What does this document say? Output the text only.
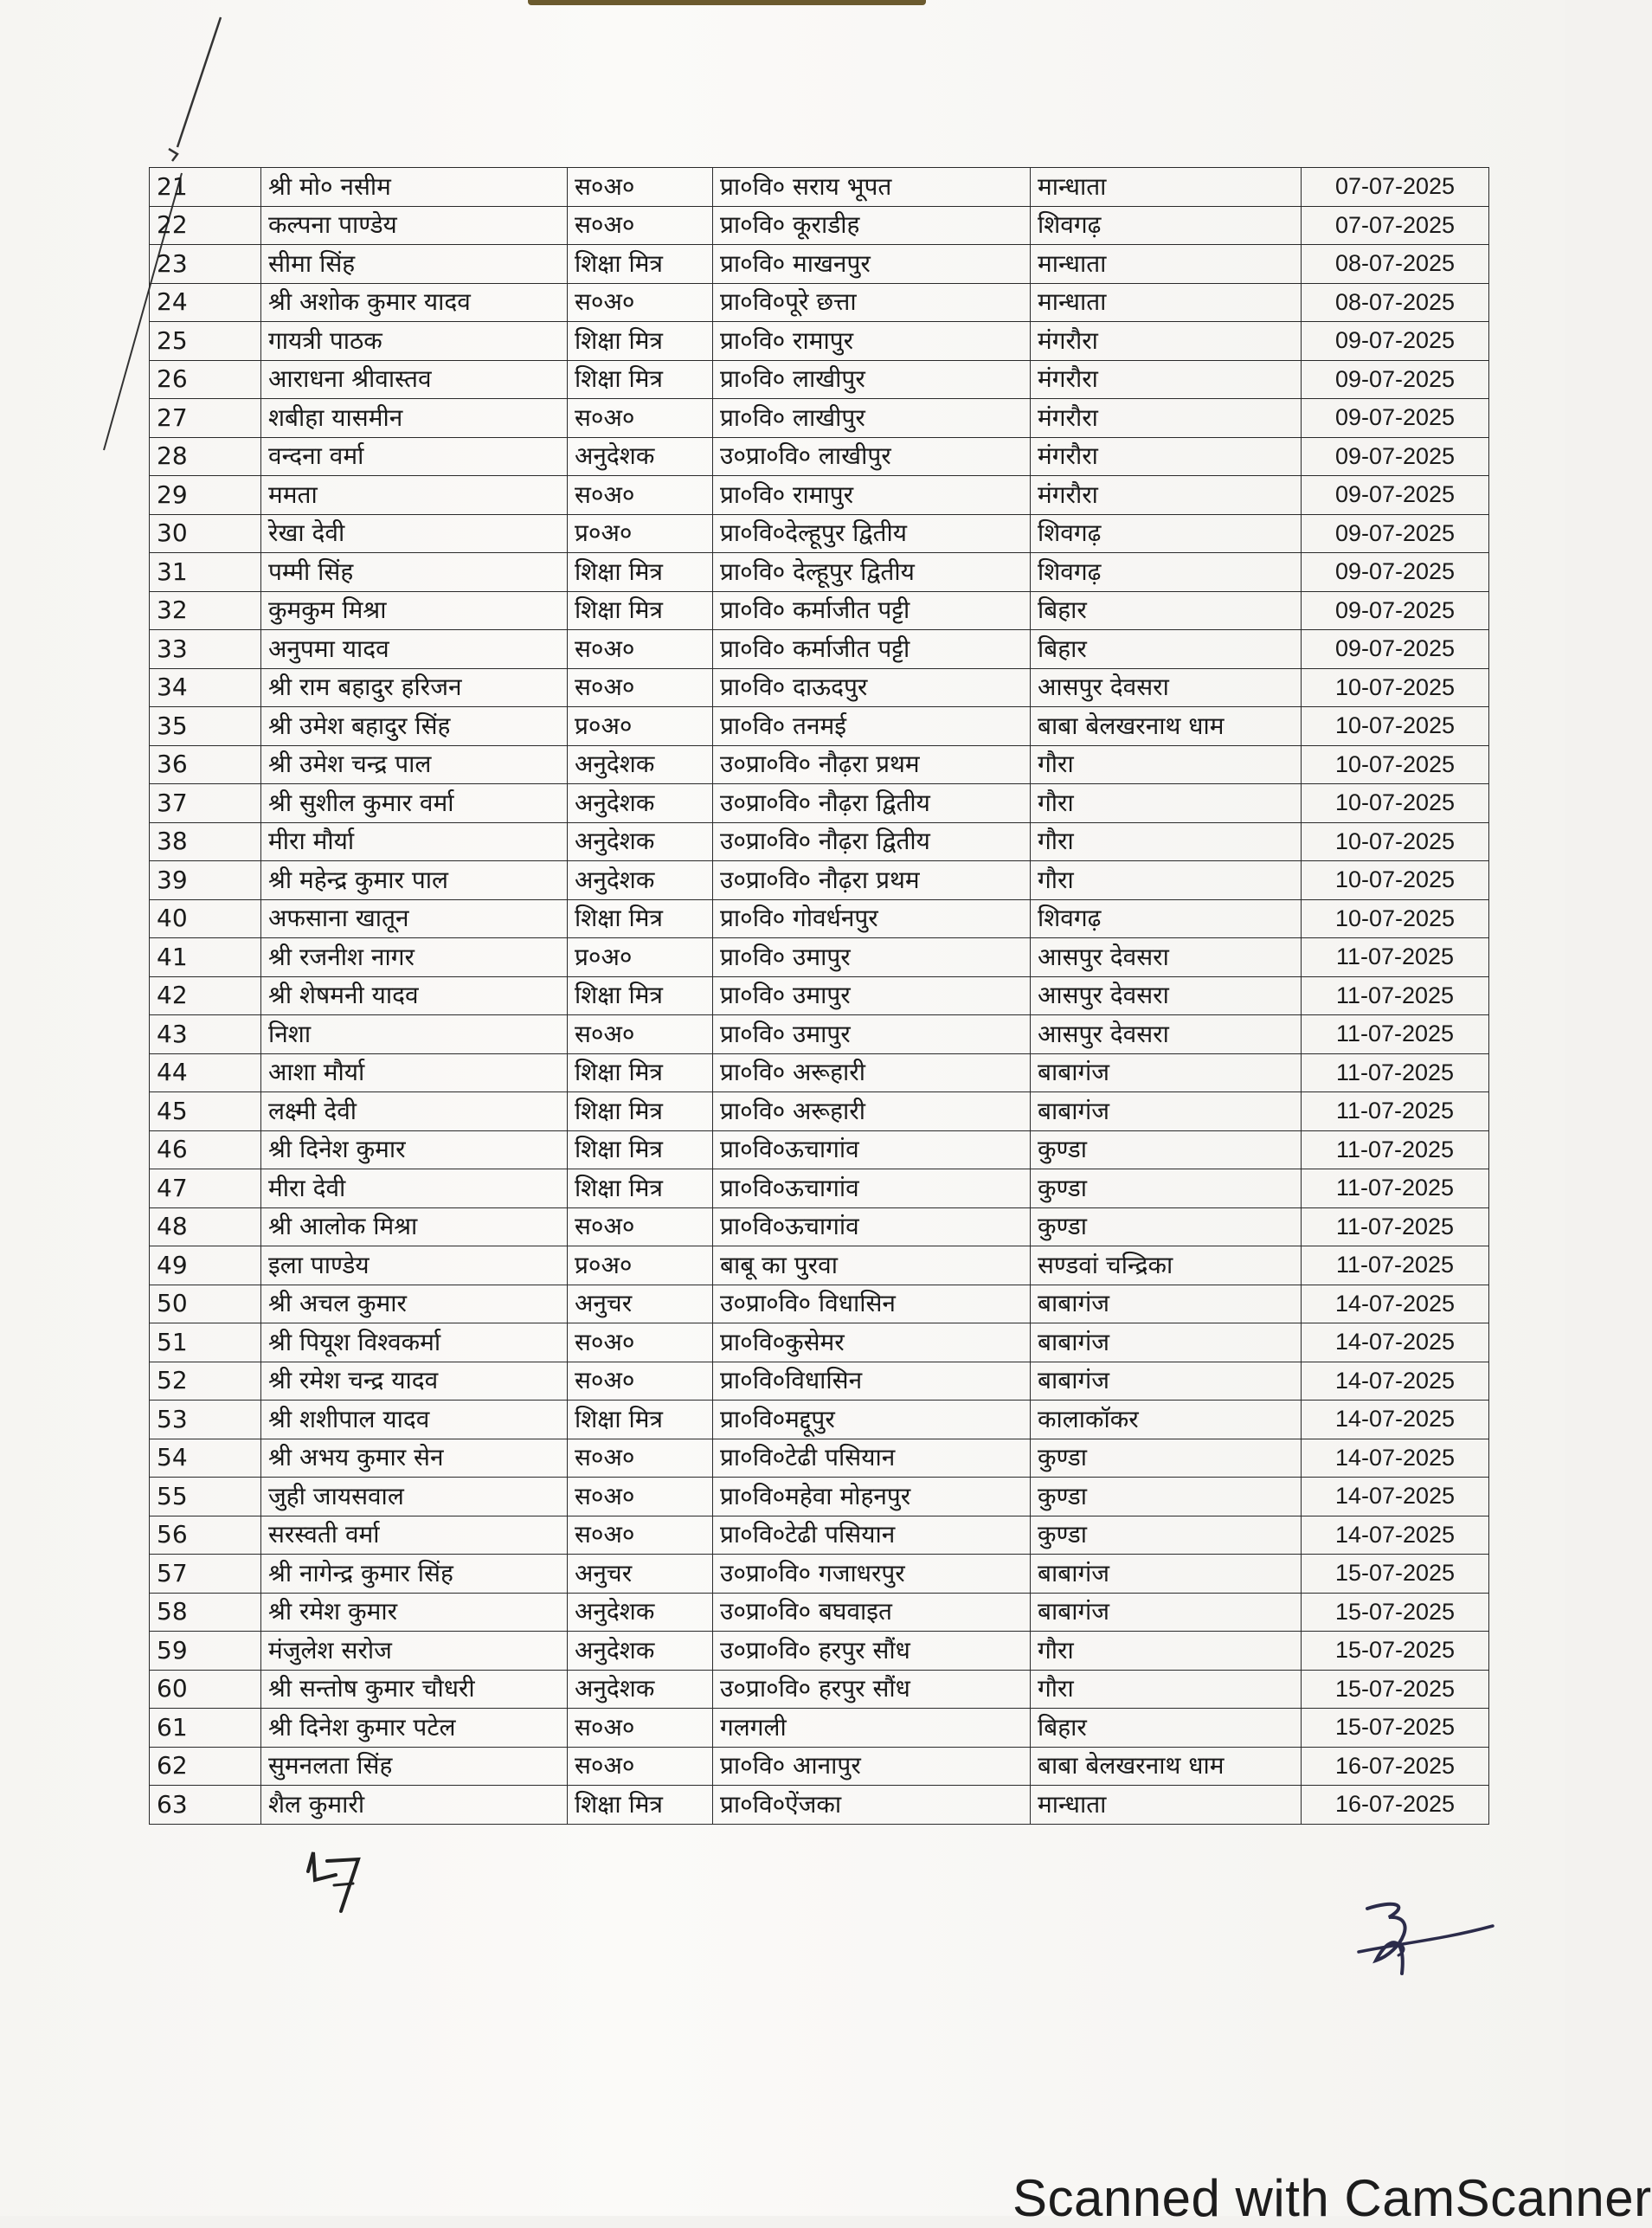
21	श्री मो० नसीम	स०अ०	प्रा०वि० सराय भूपत	मान्धाता	07-07-2025
22	कल्पना पाण्डेय	स०अ०	प्रा०वि० कूराडीह	शिवगढ़	07-07-2025
23	सीमा सिंह	शिक्षा मित्र	प्रा०वि० माखनपुर	मान्धाता	08-07-2025
24	श्री अशोक कुमार यादव	स०अ०	प्रा०वि०पूरे छत्ता	मान्धाता	08-07-2025
25	गायत्री पाठक	शिक्षा मित्र	प्रा०वि० रामापुर	मंगरौरा	09-07-2025
26	आराधना श्रीवास्तव	शिक्षा मित्र	प्रा०वि० लाखीपुर	मंगरौरा	09-07-2025
27	शबीहा यासमीन	स०अ०	प्रा०वि० लाखीपुर	मंगरौरा	09-07-2025
28	वन्दना वर्मा	अनुदेशक	उ०प्रा०वि० लाखीपुर	मंगरौरा	09-07-2025
29	ममता	स०अ०	प्रा०वि० रामापुर	मंगरौरा	09-07-2025
30	रेखा देवी	प्र०अ०	प्रा०वि०देल्हूपुर द्वितीय	शिवगढ़	09-07-2025
31	पम्मी सिंह	शिक्षा मित्र	प्रा०वि० देल्हूपुर द्वितीय	शिवगढ़	09-07-2025
32	कुमकुम मिश्रा	शिक्षा मित्र	प्रा०वि० कर्माजीत पट्टी	बिहार	09-07-2025
33	अनुपमा यादव	स०अ०	प्रा०वि० कर्माजीत पट्टी	बिहार	09-07-2025
34	श्री राम बहादुर हरिजन	स०अ०	प्रा०वि० दाऊदपुर	आसपुर देवसरा	10-07-2025
35	श्री उमेश बहादुर सिंह	प्र०अ०	प्रा०वि० तनमई	बाबा बेलखरनाथ धाम	10-07-2025
36	श्री उमेश चन्द्र पाल	अनुदेशक	उ०प्रा०वि० नौढ़रा प्रथम	गौरा	10-07-2025
37	श्री सुशील कुमार वर्मा	अनुदेशक	उ०प्रा०वि० नौढ़रा द्वितीय	गौरा	10-07-2025
38	मीरा मौर्या	अनुदेशक	उ०प्रा०वि० नौढ़रा द्वितीय	गौरा	10-07-2025
39	श्री महेन्द्र कुमार पाल	अनुदेशक	उ०प्रा०वि० नौढ़रा प्रथम	गौरा	10-07-2025
40	अफसाना खातून	शिक्षा मित्र	प्रा०वि० गोवर्धनपुर	शिवगढ़	10-07-2025
41	श्री रजनीश नागर	प्र०अ०	प्रा०वि० उमापुर	आसपुर देवसरा	11-07-2025
42	श्री शेषमनी यादव	शिक्षा मित्र	प्रा०वि० उमापुर	आसपुर देवसरा	11-07-2025
43	निशा	स०अ०	प्रा०वि० उमापुर	आसपुर देवसरा	11-07-2025
44	आशा मौर्या	शिक्षा मित्र	प्रा०वि० अरूहारी	बाबागंज	11-07-2025
45	लक्ष्मी देवी	शिक्षा मित्र	प्रा०वि० अरूहारी	बाबागंज	11-07-2025
46	श्री दिनेश कुमार	शिक्षा मित्र	प्रा०वि०ऊचागांव	कुण्डा	11-07-2025
47	मीरा देवी	शिक्षा मित्र	प्रा०वि०ऊचागांव	कुण्डा	11-07-2025
48	श्री आलोक मिश्रा	स०अ०	प्रा०वि०ऊचागांव	कुण्डा	11-07-2025
49	इला पाण्डेय	प्र०अ०	बाबू का पुरवा	सण्डवां चन्द्रिका	11-07-2025
50	श्री अचल कुमार	अनुचर	उ०प्रा०वि० विधासिन	बाबागंज	14-07-2025
51	श्री पियूश विश्वकर्मा	स०अ०	प्रा०वि०कुसेमर	बाबागंज	14-07-2025
52	श्री रमेश चन्द्र यादव	स०अ०	प्रा०वि०विधासिन	बाबागंज	14-07-2025
53	श्री शशीपाल यादव	शिक्षा मित्र	प्रा०वि०मद्दूपुर	कालाकॉकर	14-07-2025
54	श्री अभय कुमार सेन	स०अ०	प्रा०वि०टेढी पसियान	कुण्डा	14-07-2025
55	जुही जायसवाल	स०अ०	प्रा०वि०महेवा मोहनपुर	कुण्डा	14-07-2025
56	सरस्वती वर्मा	स०अ०	प्रा०वि०टेढी पसियान	कुण्डा	14-07-2025
57	श्री नागेन्द्र कुमार सिंह	अनुचर	उ०प्रा०वि० गजाधरपुर	बाबागंज	15-07-2025
58	श्री रमेश कुमार	अनुदेशक	उ०प्रा०वि० बघवाइत	बाबागंज	15-07-2025
59	मंजुलेश सरोज	अनुदेशक	उ०प्रा०वि० हरपुर सौंध	गौरा	15-07-2025
60	श्री सन्तोष कुमार चौधरी	अनुदेशक	उ०प्रा०वि० हरपुर सौंध	गौरा	15-07-2025
61	श्री दिनेश कुमार पटेल	स०अ०	गलगली	बिहार	15-07-2025
62	सुमनलता सिंह	स०अ०	प्रा०वि० आनापुर	बाबा बेलखरनाथ धाम	16-07-2025
63	शैल कुमारी	शिक्षा मित्र	प्रा०वि०ऐंजका	मान्धाता	16-07-2025
Scanned with CamScanner
